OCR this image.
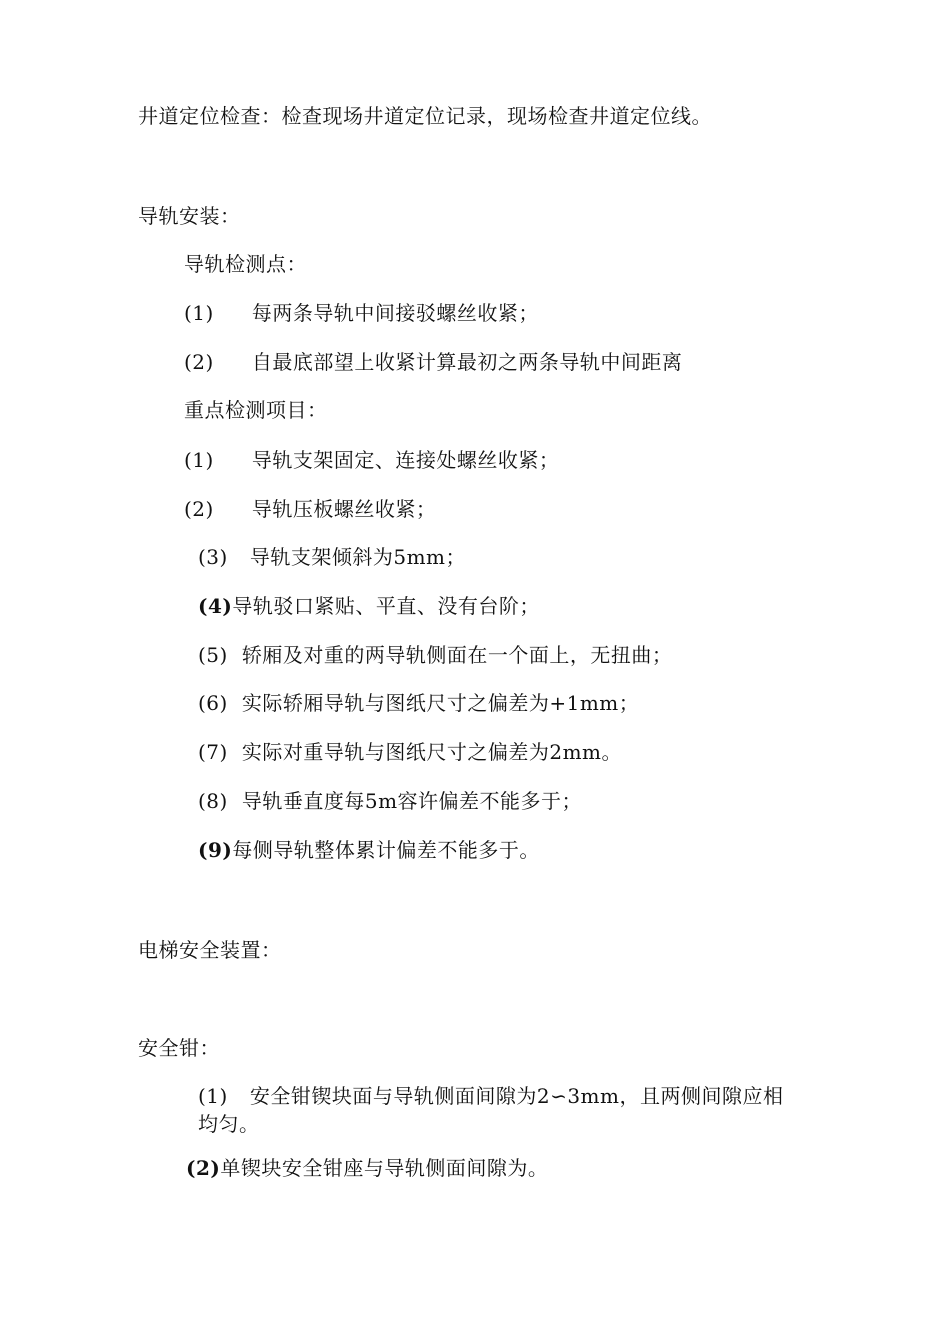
井道定位检查：检查现场井道定位记录，现场检查井道定位线。
导轨安装：
导轨检测点：
(1) 每两条导轨中间接驳螺丝收紧；
(2) 自最底部望上收紧计算最初之两条导轨中间距离
重点检测项目：
(1) 导轨支架固定、连接处螺丝收紧；
(2) 导轨压板螺丝收紧；
(3) 导轨支架倾斜为5mm；
(4)导轨驳口紧贴、平直、没有台阶；
(5) 轿厢及对重的两导轨侧面在一个面上，无扭曲；
(6) 实际轿厢导轨与图纸尺寸之偏差为+1mm；
(7) 实际对重导轨与图纸尺寸之偏差为2mm。
(8) 导轨垂直度每5m容许偏差不能多于；
(9)每侧导轨整体累计偏差不能多于。
电梯安全装置：
安全钳：
(1) 安全钳锲块面与导轨侧面间隙为2∽3mm，且两侧间隙应相
均匀。
(2)单锲块安全钳座与导轨侧面间隙为。
